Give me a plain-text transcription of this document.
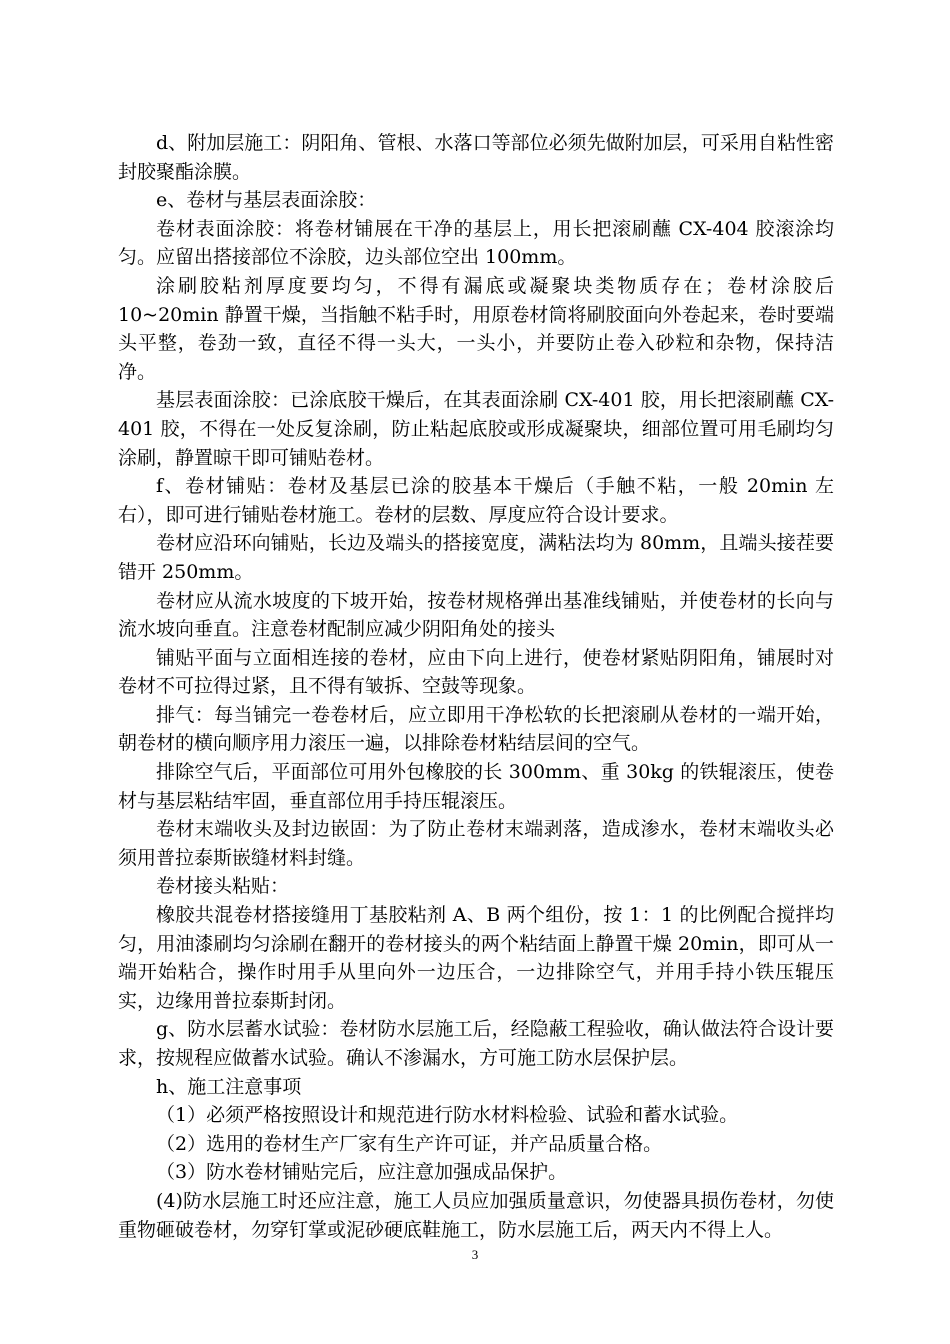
d、附加层施工：阴阳角、管根、水落口等部位必须先做附加层，可采用自粘性密封胶聚酯涂膜。

e、卷材与基层表面涂胶：

卷材表面涂胶：将卷材铺展在干净的基层上，用长把滚刷蘸 CX-404 胶滚涂均匀。应留出搭接部位不涂胶，边头部位空出 100mm。

涂刷胶粘剂厚度要均匀，不得有漏底或凝聚块类物质存在；卷材涂胶后 10~20min 静置干燥，当指触不粘手时，用原卷材筒将刷胶面向外卷起来，卷时要端头平整，卷劲一致，直径不得一头大，一头小，并要防止卷入砂粒和杂物，保持洁净。

基层表面涂胶：已涂底胶干燥后，在其表面涂刷 CX-401 胶，用长把滚刷蘸 CX-401 胶，不得在一处反复涂刷，防止粘起底胶或形成凝聚块，细部位置可用毛刷均匀涂刷，静置晾干即可铺贴卷材。

f、卷材铺贴：卷材及基层已涂的胶基本干燥后（手触不粘，一般 20min 左右），即可进行铺贴卷材施工。卷材的层数、厚度应符合设计要求。

卷材应沿环向铺贴，长边及端头的搭接宽度，满粘法均为 80mm，且端头接茬要错开 250mm。

卷材应从流水坡度的下坡开始，按卷材规格弹出基准线铺贴，并使卷材的长向与流水坡向垂直。注意卷材配制应减少阴阳角处的接头

铺贴平面与立面相连接的卷材，应由下向上进行，使卷材紧贴阴阳角，铺展时对卷材不可拉得过紧，且不得有皱拆、空鼓等现象。

排气：每当铺完一卷卷材后，应立即用干净松软的长把滚刷从卷材的一端开始，朝卷材的横向顺序用力滚压一遍，以排除卷材粘结层间的空气。

排除空气后，平面部位可用外包橡胶的长 300mm、重 30kg 的铁辊滚压，使卷材与基层粘结牢固，垂直部位用手持压辊滚压。

卷材末端收头及封边嵌固：为了防止卷材末端剥落，造成渗水，卷材末端收头必须用普拉泰斯嵌缝材料封缝。

卷材接头粘贴：

橡胶共混卷材搭接缝用丁基胶粘剂 A、B 两个组份，按 1：1 的比例配合搅拌均匀，用油漆刷均匀涂刷在翻开的卷材接头的两个粘结面上静置干燥 20min，即可从一端开始粘合，操作时用手从里向外一边压合，一边排除空气，并用手持小铁压辊压实，边缘用普拉泰斯封闭。

g、防水层蓄水试验：卷材防水层施工后，经隐蔽工程验收，确认做法符合设计要求，按规程应做蓄水试验。确认不渗漏水，方可施工防水层保护层。

h、施工注意事项

（1）必须严格按照设计和规范进行防水材料检验、试验和蓄水试验。

（2）选用的卷材生产厂家有生产许可证，并产品质量合格。

（3）防水卷材铺贴完后，应注意加强成品保护。

(4)防水层施工时还应注意，施工人员应加强质量意识，勿使器具损伤卷材，勿使重物砸破卷材，勿穿钉掌或泥砂硬底鞋施工，防水层施工后，两天内不得上人。

3
